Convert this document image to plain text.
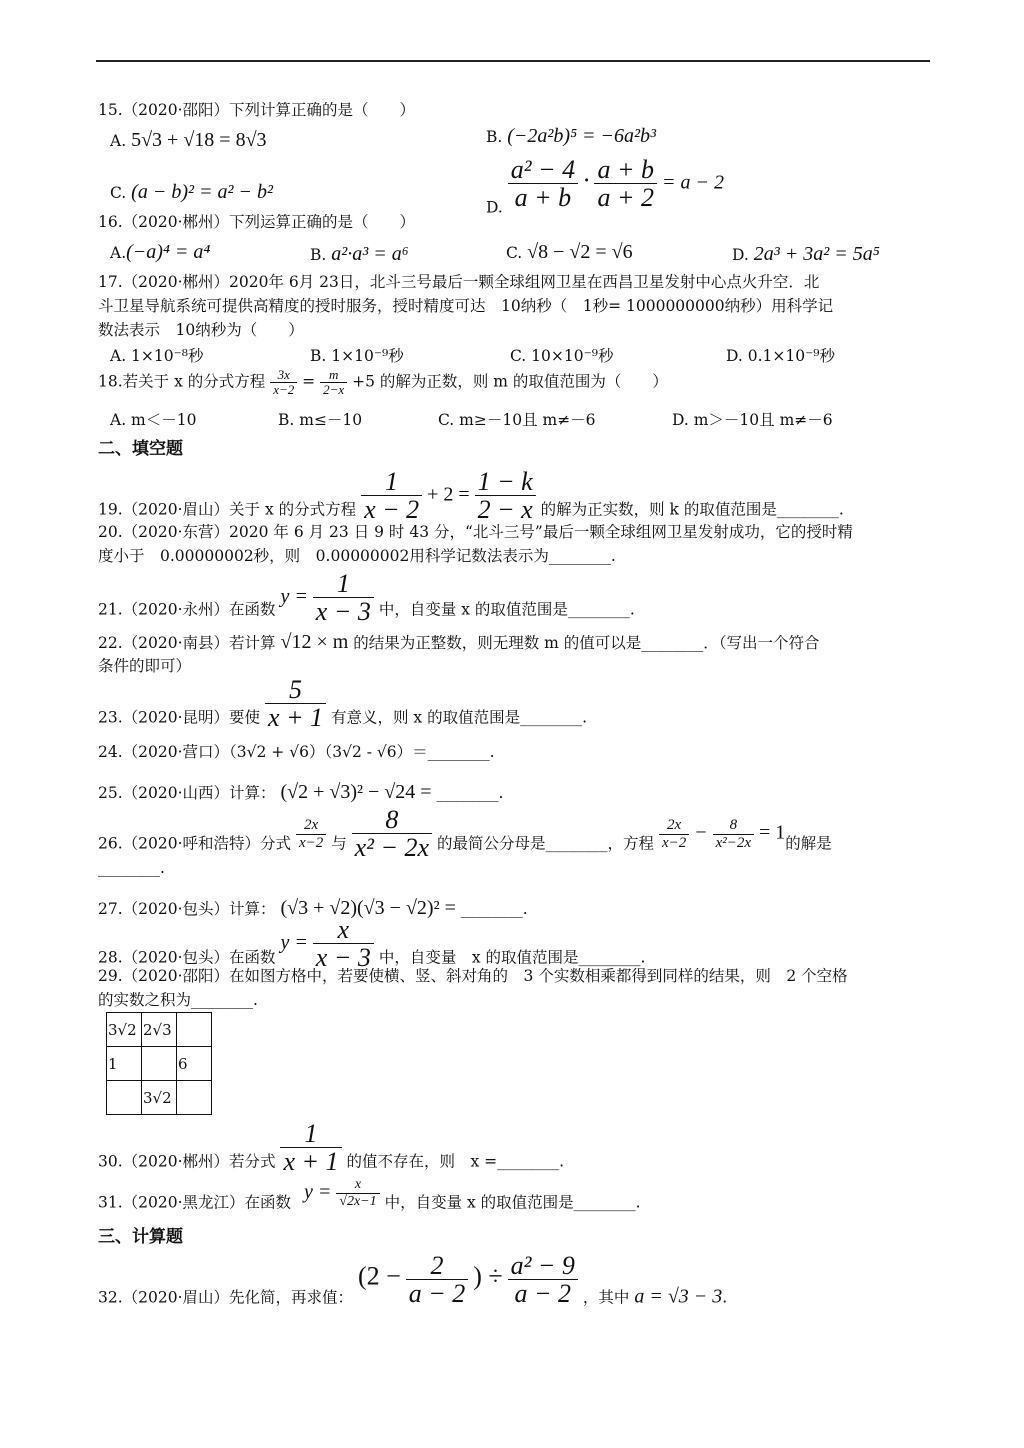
15.（2020·邵阳）下列计算正确的是（　　）
A. 5√3 + √18 = 8√3	B. (−2a²b)⁵ = −6a²b³
C. (a − b)² = a² − b²
D. $\frac{\text{a² − 4}}{a + b} \cdot \frac{a + b}{a + 2} = a - 2$
16.（2020·郴州）下列运算正确的是（　　）
A.(−a)⁴ = a⁴	B. a²·a³ = a⁶	C. √8 − √2 = √6	D. 2a³ + 3a² = 5a⁵
17.（2020·郴州）2020年 6月 23日，北斗三号最后一颗全球组网卫星在西昌卫星发射中心点火升空．北
斗卫星导航系统可提供高精度的授时服务，授时精度可达　10纳秒（　1秒= 1000000000纳秒）用科学记
数法表示　10纳秒为（　　）
A. 1×10⁻⁸秒	B. 1×10⁻⁹秒	C. 10×10⁻⁹秒	D. 0.1×10⁻⁹秒
18.若关于 x 的分式方程 $\frac{3x}{x-2} = \frac{m}{2-x} +5$ 的解为正数，则 m 的取值范围为（　　）
A. m＜－10	B. m≤－10	C. m≥－10且 m≠－6	D. m＞－10且 m≠－6
二、填空题
19.（2020·眉山）关于 x 的分式方程 $\frac{1}{x - 2} + 2 = \frac{1 - k}{2 - x}$ 的解为正实数，则 k 的取值范围是________.
20.（2020·东营）2020 年 6 月 23 日 9 时 43 分，“北斗三号”最后一颗全球组网卫星发射成功，它的授时精
度小于　0.00000002秒，则　0.00000002用科学记数法表示为________.
21.（2020·永州）在函数 $y = \frac{1}{x - 3}$ 中，自变量 x 的取值范围是________.
22.（2020·南县）若计算 √12 × m 的结果为正整数，则无理数 m 的值可以是________．（写出一个符合
条件的即可）
23.（2020·昆明）要使 $\frac{5}{x + 1}$ 有意义，则 x 的取值范围是________.
24.（2020·营口）（3√2 + √6）（3√2 - √6）＝________.
25.（2020·山西）计算： (√2 + √3)² − √24 = ________.
26.（2020·呼和浩特）分式 $\frac{2x}{x-2}$ 与 $\frac{8}{\text{x² − 2x}}$ 的最简公分母是________，方程 $\frac{2x}{x-2} - \frac{8}{\text{x²−2x}} = 1$的解是
________.
27.（2020·包头）计算： (√3 + √2)(√3 − √2)² = ________.
28.（2020·包头）在函数 $y = \frac{x}{x - 3}$ 中，自变量　x 的取值范围是________.
29.（2020·邵阳）在如图方格中，若要使横、竖、斜对角的　3 个实数相乘都得到同样的结果，则　2 个空格
的实数之积为________.
3√2	2√3	
1		6
	3√2	
30.（2020·郴州）若分式 $\frac{1}{x + 1}$ 的值不存在，则　x =________.
31.（2020·黑龙江）在函数 $y = \frac{x}{√2x-1}$ 中，自变量 x 的取值范围是________.
三、计算题
32.（2020·眉山）先化简，再求值： ($2 - \frac{2}{a - 2}$ ) ÷ $\frac{\text{a² − 9}}{a - 2}$ ，其中 a = √3 − 3.
